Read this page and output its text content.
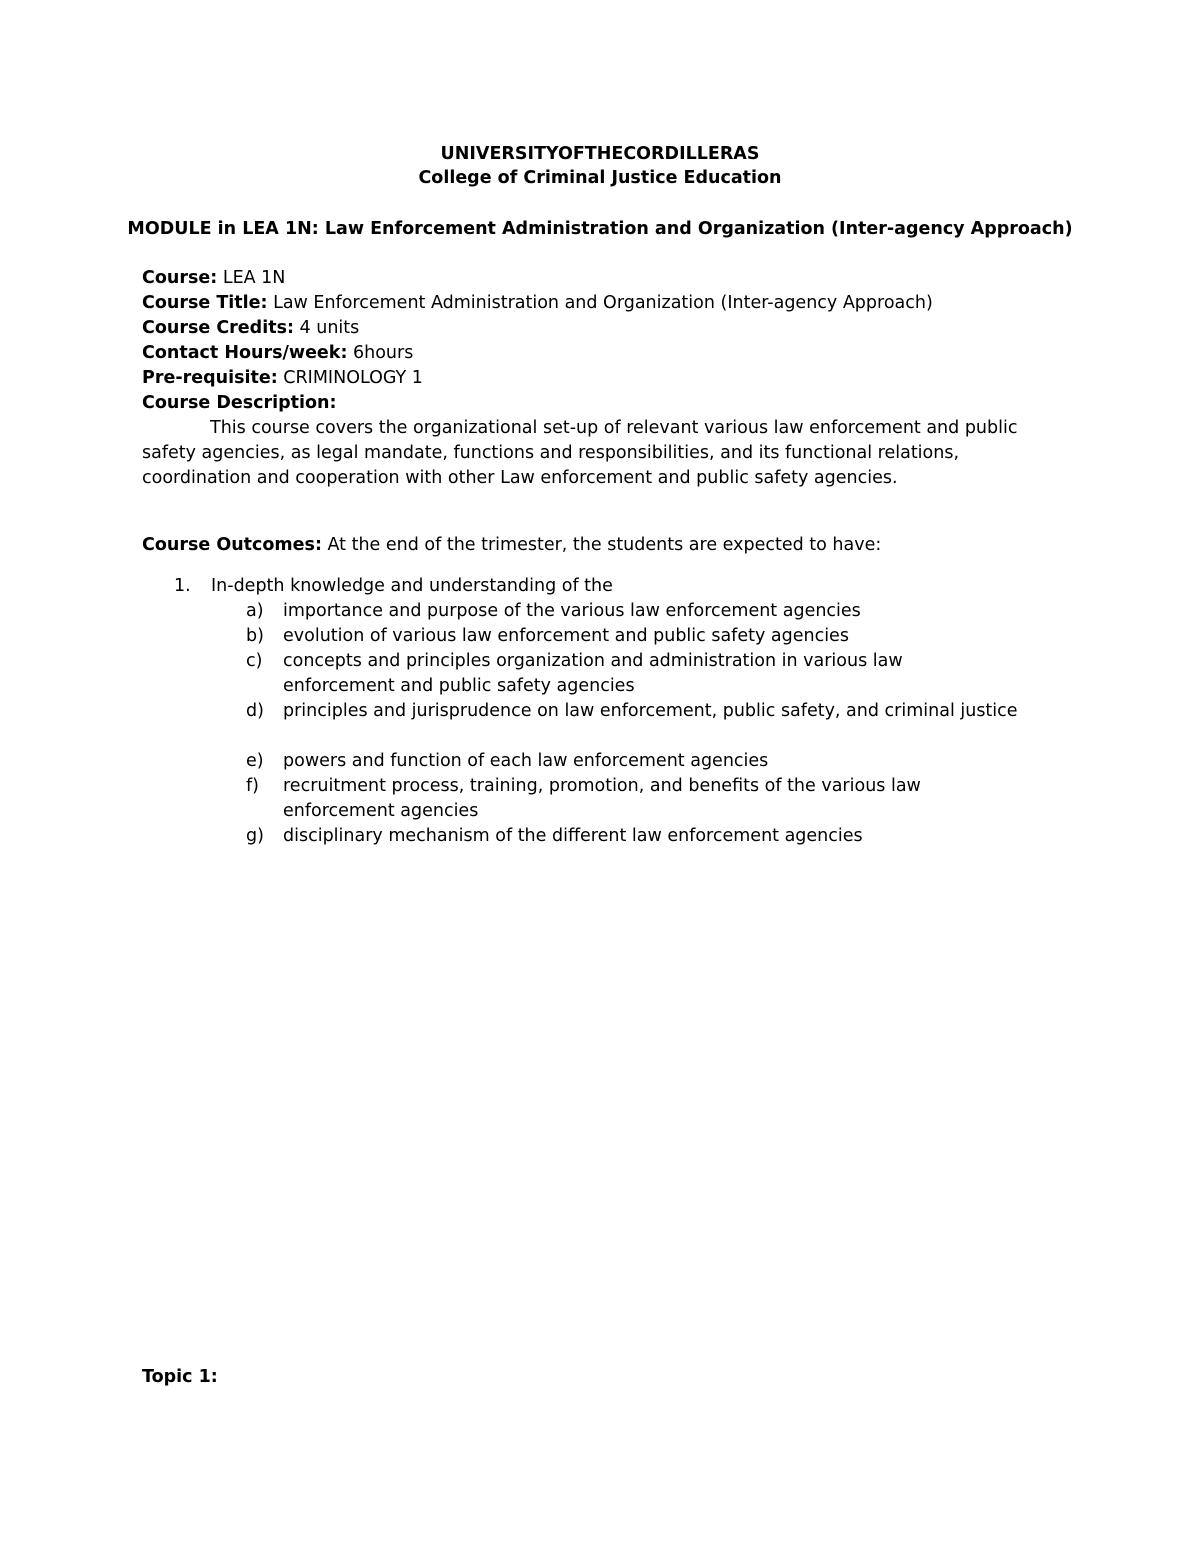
UNIVERSITYOFTHECORDILLERAS
College of Criminal Justice Education
MODULE in LEA 1N: Law Enforcement Administration and Organization (Inter-agency Approach)
Course: LEA 1N
Course Title: Law Enforcement Administration and Organization (Inter-agency Approach)
Course Credits: 4 units
Contact Hours/week: 6hours
Pre-requisite: CRIMINOLOGY 1
Course Description:
This course covers the organizational set-up of relevant various law enforcement and public safety agencies, as legal mandate, functions and responsibilities, and its functional relations, coordination and cooperation with other Law enforcement and public safety agencies.
Course Outcomes: At the end of the trimester, the students are expected to have:
1. In-depth knowledge and understanding of the
a) importance and purpose of the various law enforcement agencies
b) evolution of various law enforcement and public safety agencies
c) concepts and principles organization and administration in various law enforcement and public safety agencies
d) principles and jurisprudence on law enforcement, public safety, and criminal justice
e) powers and function of each law enforcement agencies
f) recruitment process, training, promotion, and benefits of the various law enforcement agencies
g) disciplinary mechanism of the different law enforcement agencies
Topic 1:
